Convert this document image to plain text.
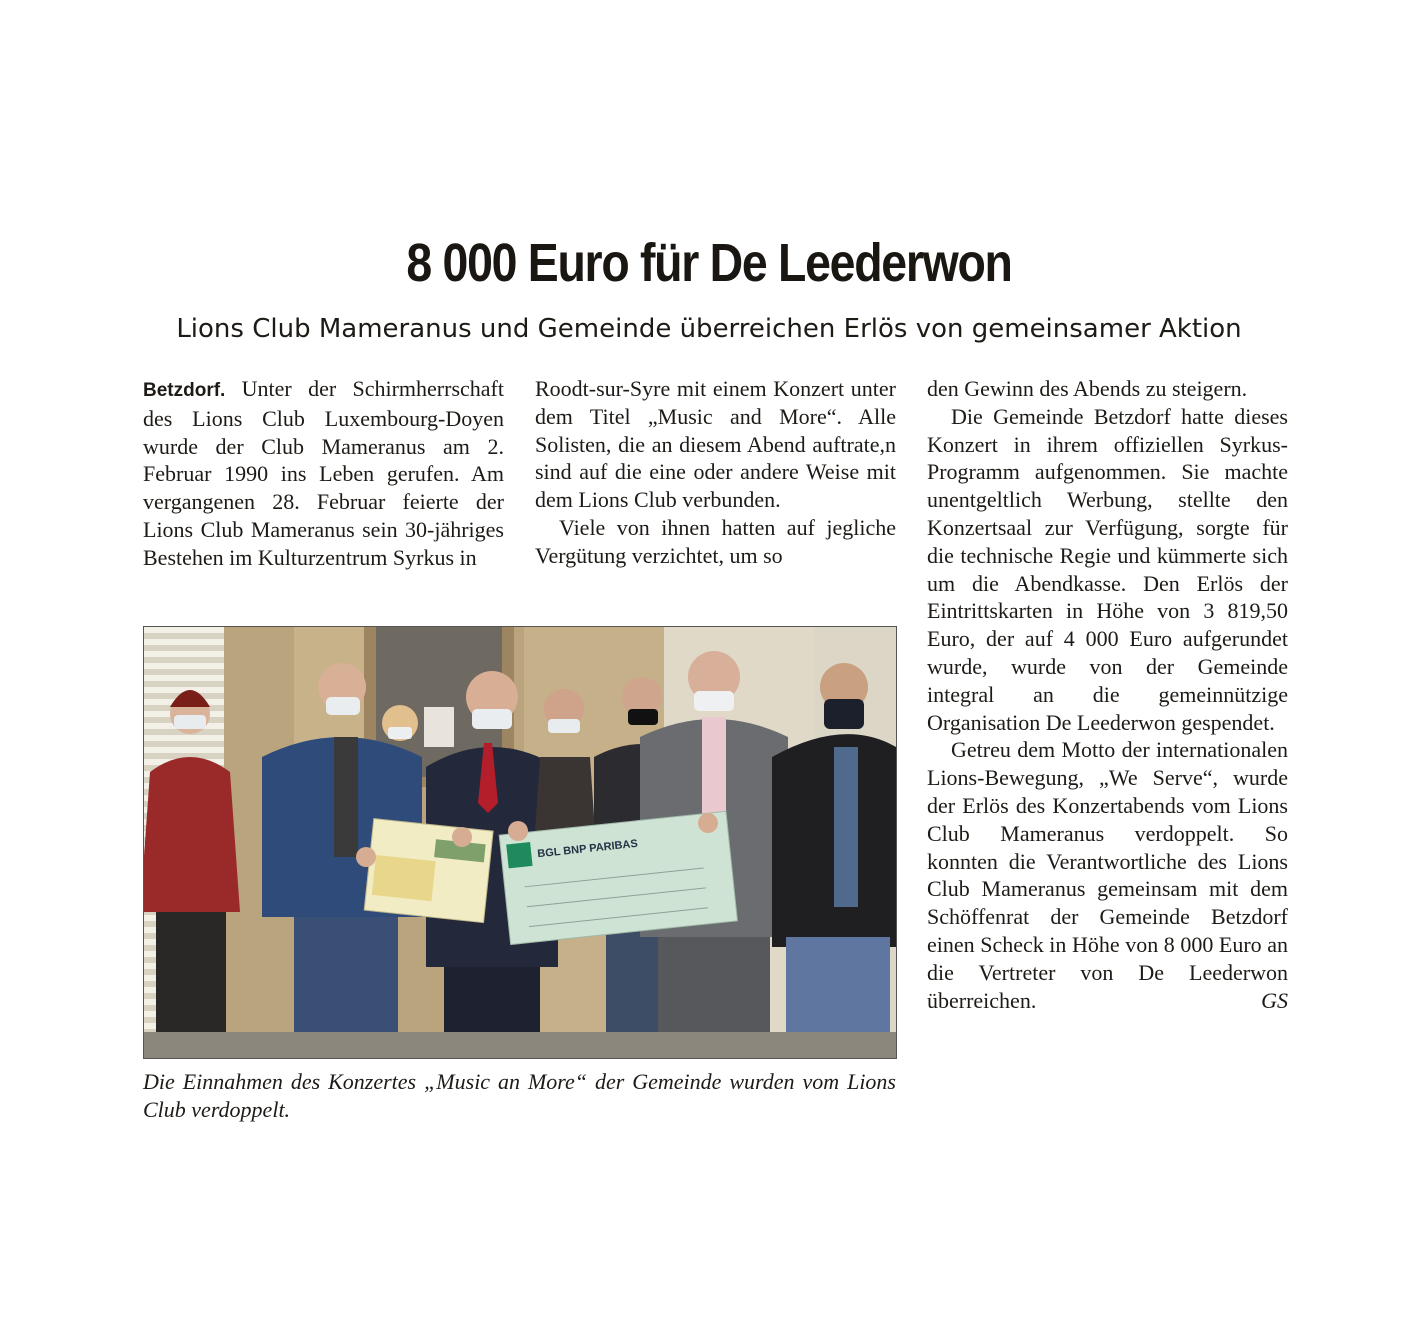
8 000 Euro für De Leederwon
Lions Club Mameranus und Gemeinde überreichen Erlös von gemeinsamer Aktion

Betzdorf. Unter der Schirmherrschaft des Lions Club Luxembourg-Doyen wurde der Club Mameranus am 2. Februar 1990 ins Leben gerufen. Am vergangenen 28. Februar feierte der Lions Club Mameranus sein 30-jähriges Bestehen im Kulturzentrum Syrkus in

Roodt-sur-Syre mit einem Konzert unter dem Titel „Music and More“. Alle Solisten, die an diesem Abend auftrate,n sind auf die eine oder andere Weise mit dem Lions Club verbunden.

Viele von ihnen hatten auf jegliche Vergütung verzichtet, um so

den Gewinn des Abends zu steigern.

Die Gemeinde Betzdorf hatte dieses Konzert in ihrem offiziellen Syrkus-Programm aufgenommen. Sie machte unentgeltlich Werbung, stellte den Konzertsaal zur Verfügung, sorgte für die technische Regie und kümmerte sich um die Abendkasse. Den Erlös der Eintrittskarten in Höhe von 3 819,50 Euro, der auf 4 000 Euro aufgerundet wurde, wurde von der Gemeinde integral an die gemeinnützige Organisation De Leederwon gespendet.

Getreu dem Motto der internationalen Lions-Bewegung, „We Serve“, wurde der Erlös des Konzertabends vom Lions Club Mameranus verdoppelt. So konnten die Verantwortliche des Lions Club Mameranus gemeinsam mit dem Schöffenrat der Gemeinde Betzdorf einen Scheck in Höhe von 8 000 Euro an die Vertreter von De Leederwon überreichen.	GS

BGL BNP PARIBAS
Die Einnahmen des Konzertes „Music an More“ der Gemeinde wurden vom Lions Club verdoppelt.
